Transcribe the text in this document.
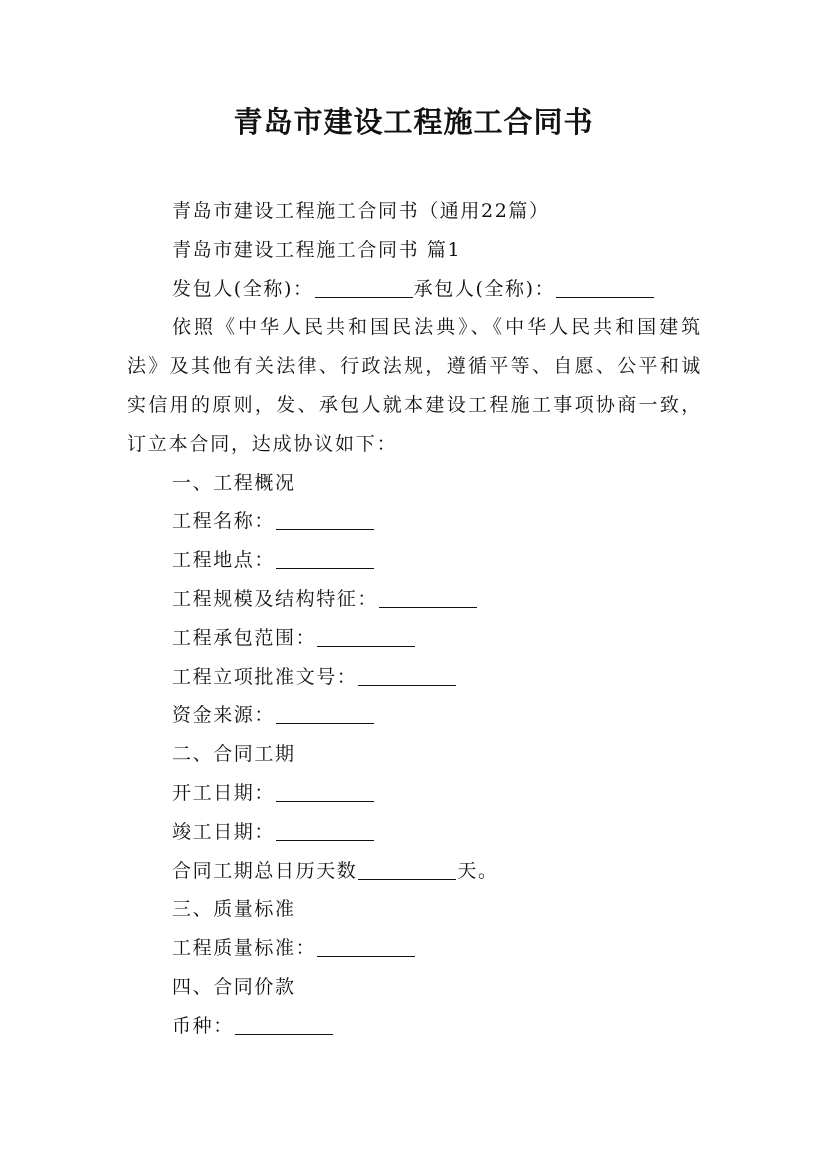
青岛市建设工程施工合同书
青岛市建设工程施工合同书（通用22篇）
青岛市建设工程施工合同书 篇1
发包人(全称)：	承包人(全称)：
依照《中华人民共和国民法典》、《中华人民共和国建筑法》及其他有关法律、行政法规，遵循平等、自愿、公平和诚实信用的原则，发、承包人就本建设工程施工事项协商一致，订立本合同，达成协议如下：
一、工程概况
工程名称：
工程地点：
工程规模及结构特征：
工程承包范围：
工程立项批准文号：
资金来源：
二、合同工期
开工日期：
竣工日期：
合同工期总日历天数	天。
三、质量标准
工程质量标准：
四、合同价款
币种：
